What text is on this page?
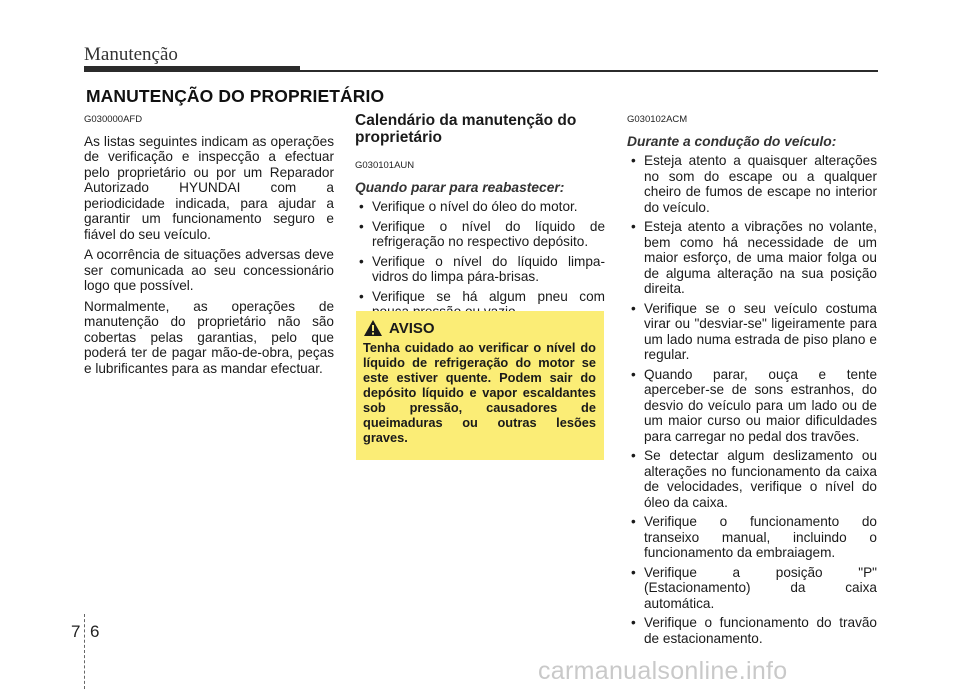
Manutenção
MANUTENÇÃO DO PROPRIETÁRIO
G030000AFD

As listas seguintes indicam as operações de verificação e inspecção a efectuar pelo proprietário ou por um Reparador Autorizado HYUNDAI com a periodicidade indicada, para ajudar a garantir um funcionamento seguro e fiável do seu veículo.

A ocorrência de situações adversas deve ser comunicada ao seu concessionário logo que possível.

Normalmente, as operações de manutenção do proprietário não são cobertas pelas garantias, pelo que poderá ter de pagar mão-de-obra, peças e lubrificantes para as mandar efectuar.

Calendário da manutenção do proprietário
G030101AUN
Quando parar para reabastecer:
• Verifique o nível do óleo do motor.
• Verifique o nível do líquido de refrigeração no respectivo depósito.
• Verifique o nível do líquido limpa-vidros do limpa pára-brisas.
• Verifique se há algum pneu com
AVISO
Tenha cuidado ao verificar o nível do líquido de refrigeração do motor se este estiver quente. Podem sair do depósito líquido e vapor escaldantes sob pressão, causadores de queimaduras ou outras lesões graves.
G030102ACM
Durante a condução do veículo:
• Esteja atento a quaisquer alterações no som do escape ou a qualquer cheiro de fumos de escape no interior do veículo.
• Esteja atento a vibrações no volante, bem como há necessidade de um maior esforço, de uma maior folga ou de alguma alteração na sua posição direita.
• Verifique se o seu veículo costuma virar ou "desviar-se" ligeiramente para um lado numa estrada de piso plano e regular.
• Quando parar, ouça e tente aperceber-se de sons estranhos, do desvio do veículo para um lado ou de um maior curso ou maior dificuldades para carregar no pedal dos travões.
• Se detectar algum deslizamento ou alterações no funcionamento da caixa de velocidades, verifique o nível do óleo da caixa.
• Verifique o funcionamento do transeixo manual, incluindo o funcionamento da embraiagem.
• Verifique a posição "P" (Estacionamento) da caixa automática.
• Verifique o funcionamento do travão de estacionamento.
7 6
carmanualsonline.info
